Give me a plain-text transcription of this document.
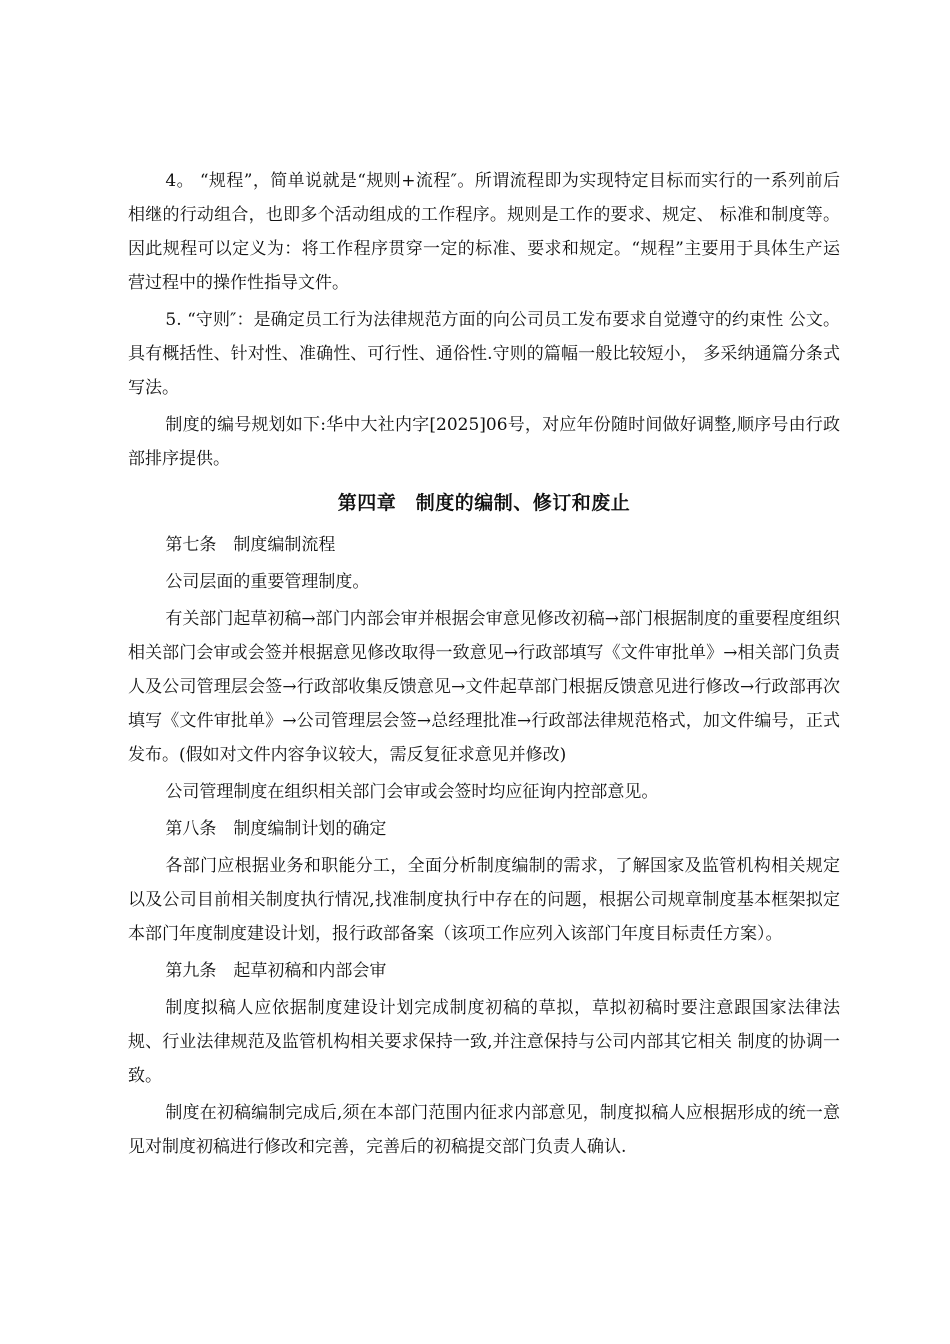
4。 “规程”，简单说就是“规则+流程″。所谓流程即为实现特定目标而实行的一系列前后相继的行动组合，也即多个活动组成的工作程序。规则是工作的要求、规定、 标准和制度等。因此规程可以定义为：将工作程序贯穿一定的标准、要求和规定。“规程”主要用于具体生产运营过程中的操作性指导文件。

5. “守则″：是确定员工行为法律规范方面的向公司员工发布要求自觉遵守的约束性 公文。具有概括性、针对性、准确性、可行性、通俗性.守则的篇幅一般比较短小， 多采纳通篇分条式写法。

制度的编号规划如下:华中大社内字[2025]06号，对应年份随时间做好调整,顺序号由行政部排序提供。

第四章　制度的编制、修订和废止

第七条　制度编制流程

公司层面的重要管理制度。

有关部门起草初稿→部门内部会审并根据会审意见修改初稿→部门根据制度的重要程度组织相关部门会审或会签并根据意见修改取得一致意见→行政部填写《文件审批单》→相关部门负责人及公司管理层会签→行政部收集反馈意见→文件起草部门根据反馈意见进行修改→行政部再次填写《文件审批单》→公司管理层会签→总经理批准→行政部法律规范格式，加文件编号，正式发布。(假如对文件内容争议较大，需反复征求意见并修改)

公司管理制度在组织相关部门会审或会签时均应征询内控部意见。

第八条　制度编制计划的确定

各部门应根据业务和职能分工，全面分析制度编制的需求，了解国家及监管机构相关规定以及公司目前相关制度执行情况,找准制度执行中存在的问题，根据公司规章制度基本框架拟定本部门年度制度建设计划，报行政部备案（该项工作应列入该部门年度目标责任方案）。

第九条　起草初稿和内部会审

制度拟稿人应依据制度建设计划完成制度初稿的草拟，草拟初稿时要注意跟国家法律法规、行业法律规范及监管机构相关要求保持一致,并注意保持与公司内部其它相关 制度的协调一致。

制度在初稿编制完成后,须在本部门范围内征求内部意见，制度拟稿人应根据形成的统一意见对制度初稿进行修改和完善，完善后的初稿提交部门负责人确认.
